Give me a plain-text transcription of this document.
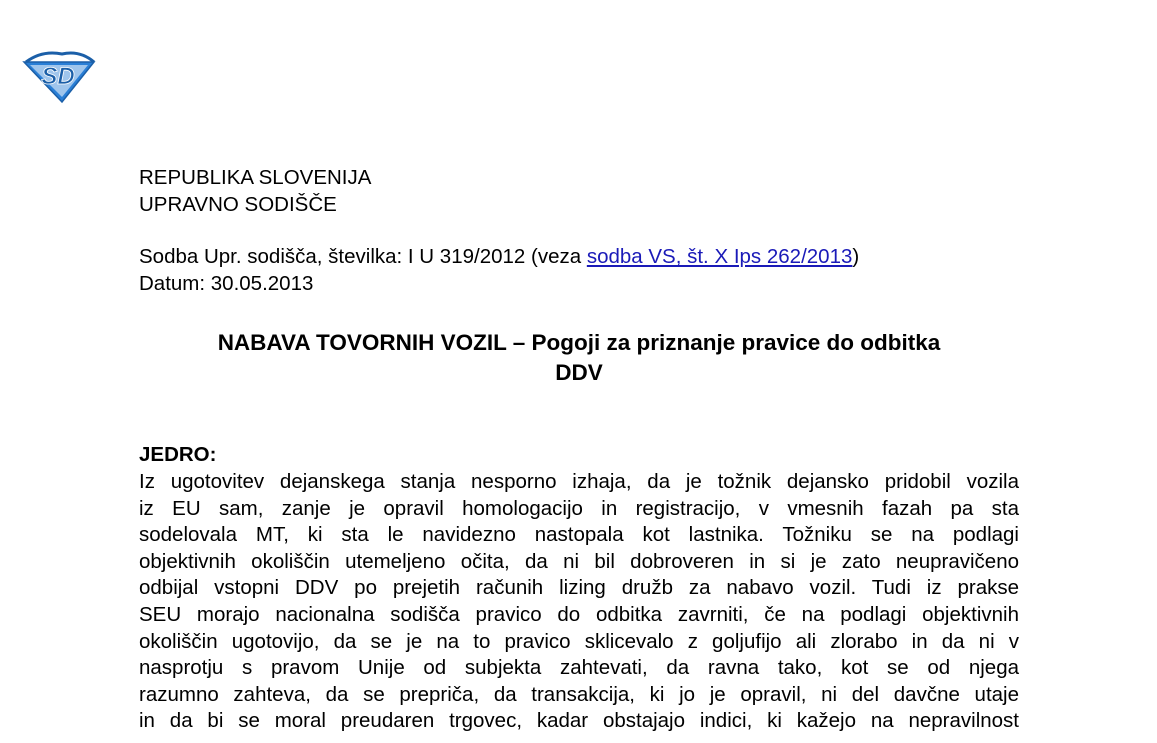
SD
REPUBLIKA SLOVENIJA
UPRAVNO SODIŠČE
Sodba Upr. sodišča, številka: I U 319/2012 (veza sodba VS, št. X Ips 262/2013)
Datum: 30.05.2013
NABAVA TOVORNIH VOZIL – Pogoji za priznanje pravice do odbitka
DDV
JEDRO:
Iz ugotovitev dejanskega stanja nesporno izhaja, da je tožnik dejansko pridobil vozila
iz EU sam, zanje je opravil homologacijo in registracijo, v vmesnih fazah pa sta
sodelovala MT, ki sta le navidezno nastopala kot lastnika. Tožniku se na podlagi
objektivnih okoliščin utemeljeno očita, da ni bil dobroveren in si je zato neupravičeno
odbijal vstopni DDV po prejetih računih lizing družb za nabavo vozil. Tudi iz prakse
SEU morajo nacionalna sodišča pravico do odbitka zavrniti, če na podlagi objektivnih
okoliščin ugotovijo, da se je na to pravico sklicevalo z goljufijo ali zlorabo in da ni v
nasprotju s pravom Unije od subjekta zahtevati, da ravna tako, kot se od njega
razumno zahteva, da se prepriča, da transakcija, ki jo je opravil, ni del davčne utaje
in da bi se moral preudaren trgovec, kadar obstajajo indici, ki kažejo na nepravilnost
